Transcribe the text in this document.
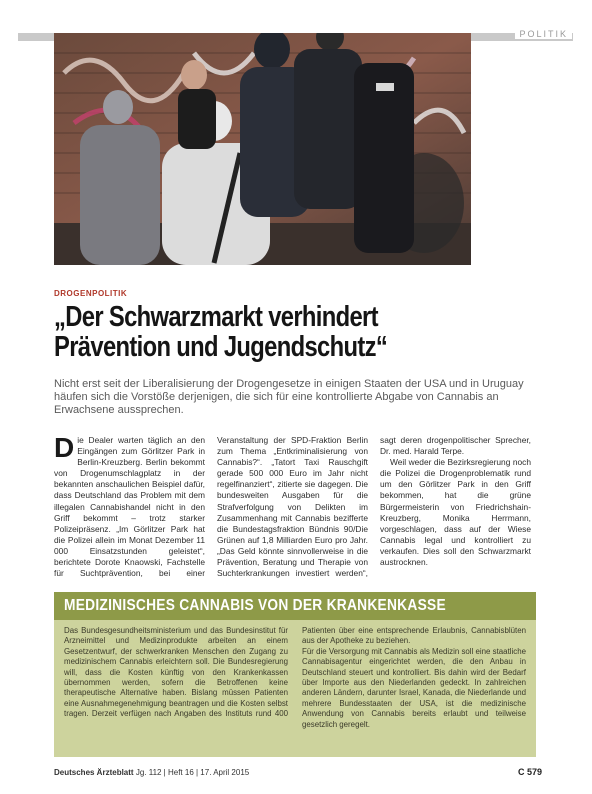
POLITIK
DROGENPOLITIK
„Der Schwarzmarkt verhindert
Prävention und Jugendschutz“
Nicht erst seit der Liberalisierung der Drogengesetze in einigen Staaten der USA und in Uruguay häufen sich die Vorstöße derjenigen, die sich für eine kontrollierte Abgabe von Cannabis an Erwachsene aussprechen.

Die Dealer warten täglich an den Eingängen zum Görlitzer Park in Berlin-Kreuzberg. Berlin bekommt von Drogenumschlagplatz in der bekannten anschaulichen Beispiel dafür, dass Deutschland das Problem mit dem illegalen Cannabishandel nicht in den Griff bekommt – trotz starker Polizeipräsenz. „Im Görlitzer Park hat die Polizei allein im Monat Dezember 11 000 Einsatzstunden geleistet“, berichtete Dorote Knaowski, Fachstelle für Suchtprävention, bei einer Veranstaltung der SPD-Fraktion Berlin zum Thema „Entkriminalisierung von Cannabis?“. „Tatort Taxi Rauschgift gerade 500 000 Euro im Jahr nicht regelfinanziert“, zitierte sie dagegen. Die bundesweiten Ausgaben für die Strafverfolgung von Delikten im Zusammenhang mit Cannabis bezifferte die Bundestagsfraktion Bündnis 90/Die Grünen auf 1,8 Milliarden Euro pro Jahr. „Das Geld könnte sinnvollerweise in die Prävention, Beratung und Therapie von Suchterkrankungen investiert werden“, sagt deren drogenpolitischer Sprecher, Dr. med. Harald Terpe.

Weil weder die Bezirksregierung noch die Polizei die Drogenproblematik rund um den Görlitzer Park in den Griff bekommen, hat die grüne Bürgermeisterin von Friedrichshain-Kreuzberg, Monika Herrmann, vorgeschlagen, dass auf der Wiese Cannabis legal und kontrolliert zu verkaufen. Dies soll den Schwarzmarkt austrocknen.

MEDIZINISCHES CANNABIS VON DER KRANKENKASSE

Das Bundesgesundheitsministerium und das Bundesinstitut für Arzneimittel und Medizinprodukte arbeiten an einem Gesetzentwurf, der schwerkranken Menschen den Zugang zu medizinischem Cannabis erleichtern soll. Die Bundesregierung will, dass die Kosten künftig von den Krankenkassen übernommen werden, sofern die Betroffenen keine therapeutische Alternative haben. Bislang müssen Patienten eine Ausnahmegenehmigung beantragen und die Kosten selbst tragen. Derzeit verfügen nach Angaben des Instituts rund 400 Patienten über eine entsprechende Erlaubnis, Cannabisblüten aus der Apotheke zu beziehen.

Für die Versorgung mit Cannabis als Medizin soll eine staatliche Cannabisagentur eingerichtet werden, die den Anbau in Deutschland steuert und kontrolliert. Bis dahin wird der Bedarf über Importe aus den Niederlanden gedeckt. In zahlreichen anderen Ländern, darunter Israel, Kanada, die Niederlande und mehrere Bundesstaaten der USA, ist die medizinische Anwendung von Cannabis bereits erlaubt und teilweise gesetzlich geregelt.

Deutsches Ärzteblatt Jg. 112 | Heft 16 | 17. April 2015	C 579
